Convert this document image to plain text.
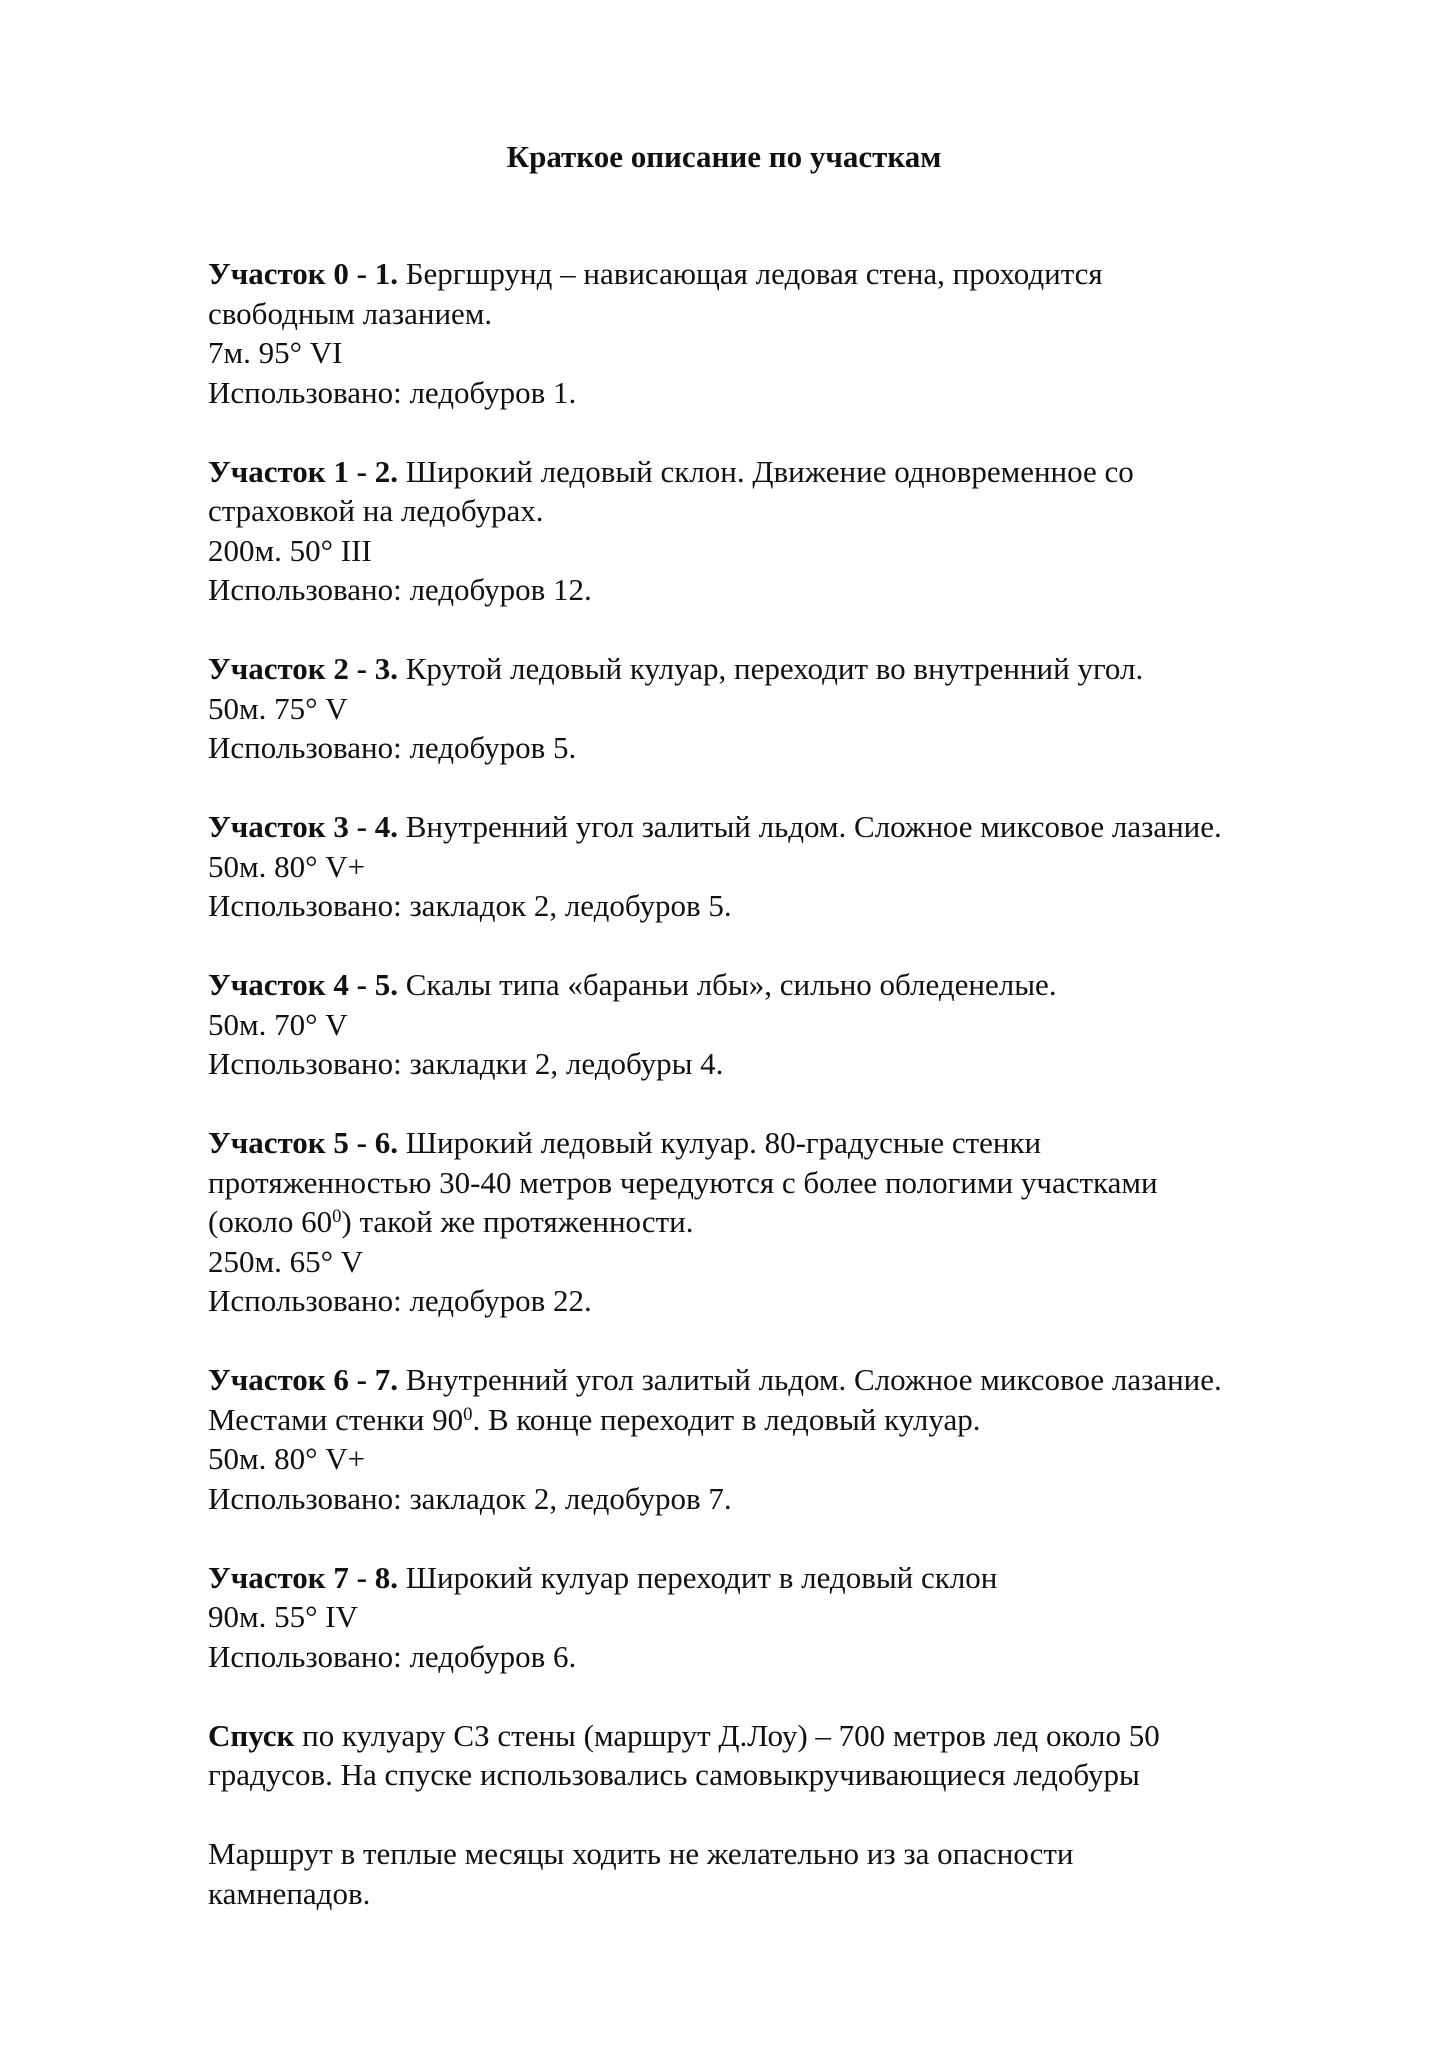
Краткое описание по участкам
Участок 0 - 1. Бергшрунд – нависающая ледовая стена, проходится
свободным лазанием.
7м. 95° VI
Использовано: ледобуров 1.
Участок 1 - 2. Широкий ледовый склон. Движение одновременное со
страховкой на ледобурах.
200м. 50° III
Использовано: ледобуров 12.
Участок 2 - 3. Крутой ледовый кулуар, переходит во внутренний угол.
50м. 75° V
Использовано: ледобуров 5.
Участок 3 - 4. Внутренний угол залитый льдом. Сложное миксовое лазание.
50м. 80° V+
Использовано: закладок 2, ледобуров 5.
Участок 4 - 5. Скалы типа «бараньи лбы», сильно обледенелые.
50м. 70° V
Использовано: закладки 2, ледобуры 4.
Участок 5 - 6. Широкий ледовый кулуар. 80-градусные стенки
протяженностью 30-40 метров чередуются с более пологими участками
(около $60^0$) такой же протяженности.
250м. 65° V
Использовано: ледобуров 22.
Участок 6 - 7. Внутренний угол залитый льдом. Сложное миксовое лазание.
Местами стенки $90^0$. В конце переходит в ледовый кулуар.
50м. 80° V+
Использовано: закладок 2, ледобуров 7.
Участок 7 - 8. Широкий кулуар переходит в ледовый склон
90м. 55° IV
Использовано: ледобуров 6.
Спуск по кулуару СЗ стены (маршрут Д.Лоу) – 700 метров лед около 50
градусов. На спуске использовались самовыкручивающиеся ледобуры
Маршрут в теплые месяцы ходить не желательно из за опасности
камнепадов.
